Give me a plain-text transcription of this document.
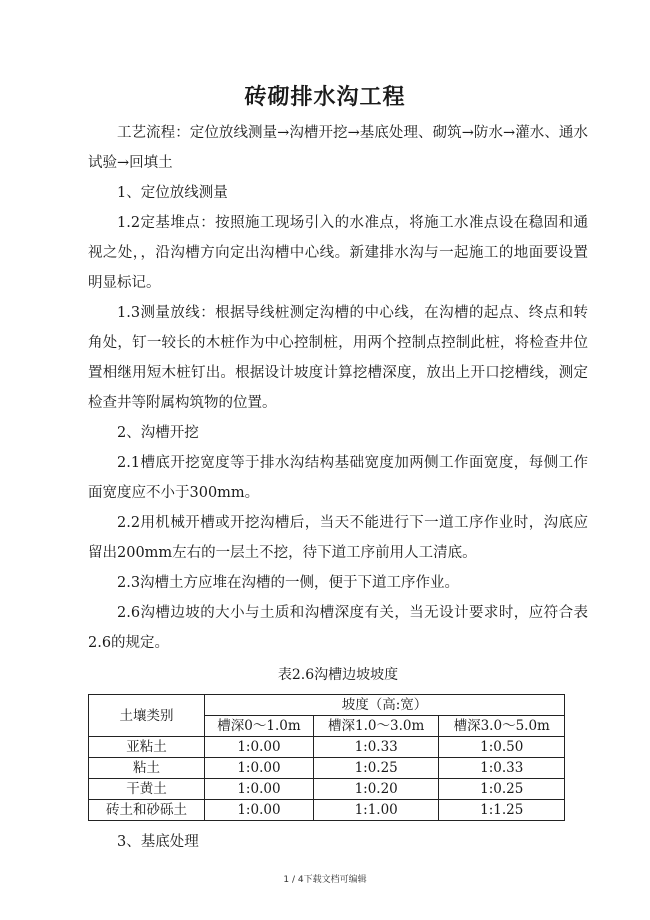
砖砌排水沟工程

工艺流程：定位放线测量→沟槽开挖→基底处理、砌筑→防水→灌水、通水试验→回填土

1、定位放线测量

1.2定基堆点：按照施工现场引入的水准点，将施工水准点设在稳固和通视之处，，沿沟槽方向定出沟槽中心线。新建排水沟与一起施工的地面要设置明显标记。

1.3测量放线：根据导线桩测定沟槽的中心线，在沟槽的起点、终点和转角处，钉一较长的木桩作为中心控制桩，用两个控制点控制此桩，将检查井位置相继用短木桩钉出。根据设计坡度计算挖槽深度，放出上开口挖槽线，测定检查井等附属构筑物的位置。

2、沟槽开挖

2.1槽底开挖宽度等于排水沟结构基础宽度加两侧工作面宽度，每侧工作面宽度应不小于300mm。

2.2用机械开槽或开挖沟槽后，当天不能进行下一道工序作业时，沟底应留出200mm左右的一层土不挖，待下道工序前用人工清底。

2.3沟槽土方应堆在沟槽的一侧，便于下道工序作业。

2.6沟槽边坡的大小与土质和沟槽深度有关，当无设计要求时，应符合表2.6的规定。

表2.6沟槽边坡坡度

土壤类别	坡度（高:宽）		
	槽深0～1.0m	槽深1.0～3.0m	槽深3.0～5.0m
亚粘土	1:0.00	1:0.33	1:0.50
粘土	1:0.00	1:0.25	1:0.33
干黄土	1:0.00	1:0.20	1:0.25
砖土和砂砾土	1:0.00	1:1.00	1:1.25

3、基底处理

1 / 4下载文档可编辑
